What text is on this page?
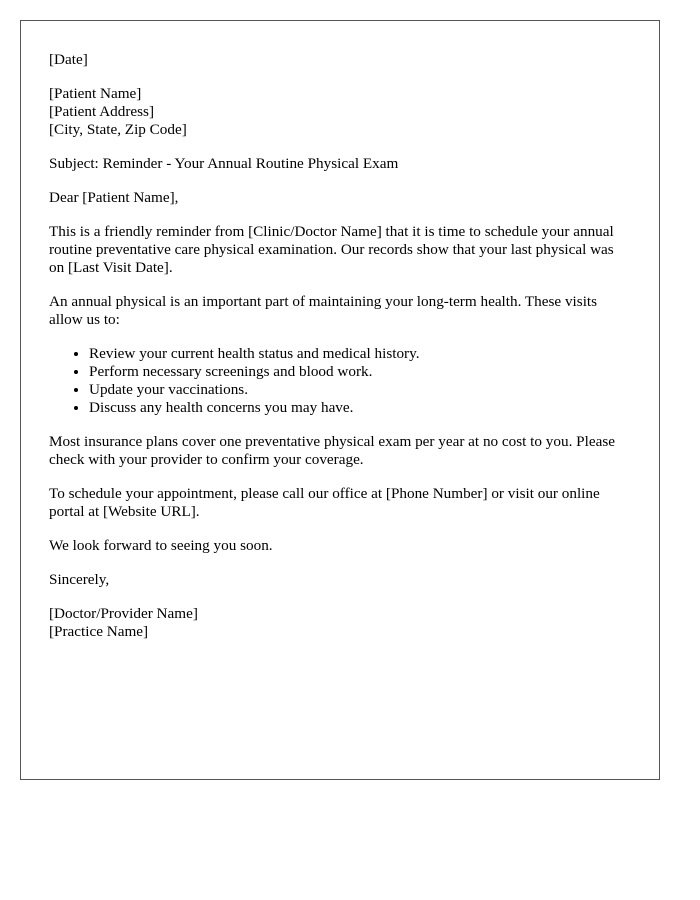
[Date]

[Patient Name]
[Patient Address]
[City, State, Zip Code]

Subject: Reminder - Your Annual Routine Physical Exam

Dear [Patient Name],

This is a friendly reminder from [Clinic/Doctor Name] that it is time to schedule your annual routine preventative care physical examination. Our records show that your last physical was on [Last Visit Date].

An annual physical is an important part of maintaining your long-term health. These visits allow us to:

• Review your current health status and medical history.
• Perform necessary screenings and blood work.
• Update your vaccinations.
• Discuss any health concerns you may have.

Most insurance plans cover one preventative physical exam per year at no cost to you. Please check with your provider to confirm your coverage.

To schedule your appointment, please call our office at [Phone Number] or visit our online portal at [Website URL].

We look forward to seeing you soon.

Sincerely,

[Doctor/Provider Name]
[Practice Name]
